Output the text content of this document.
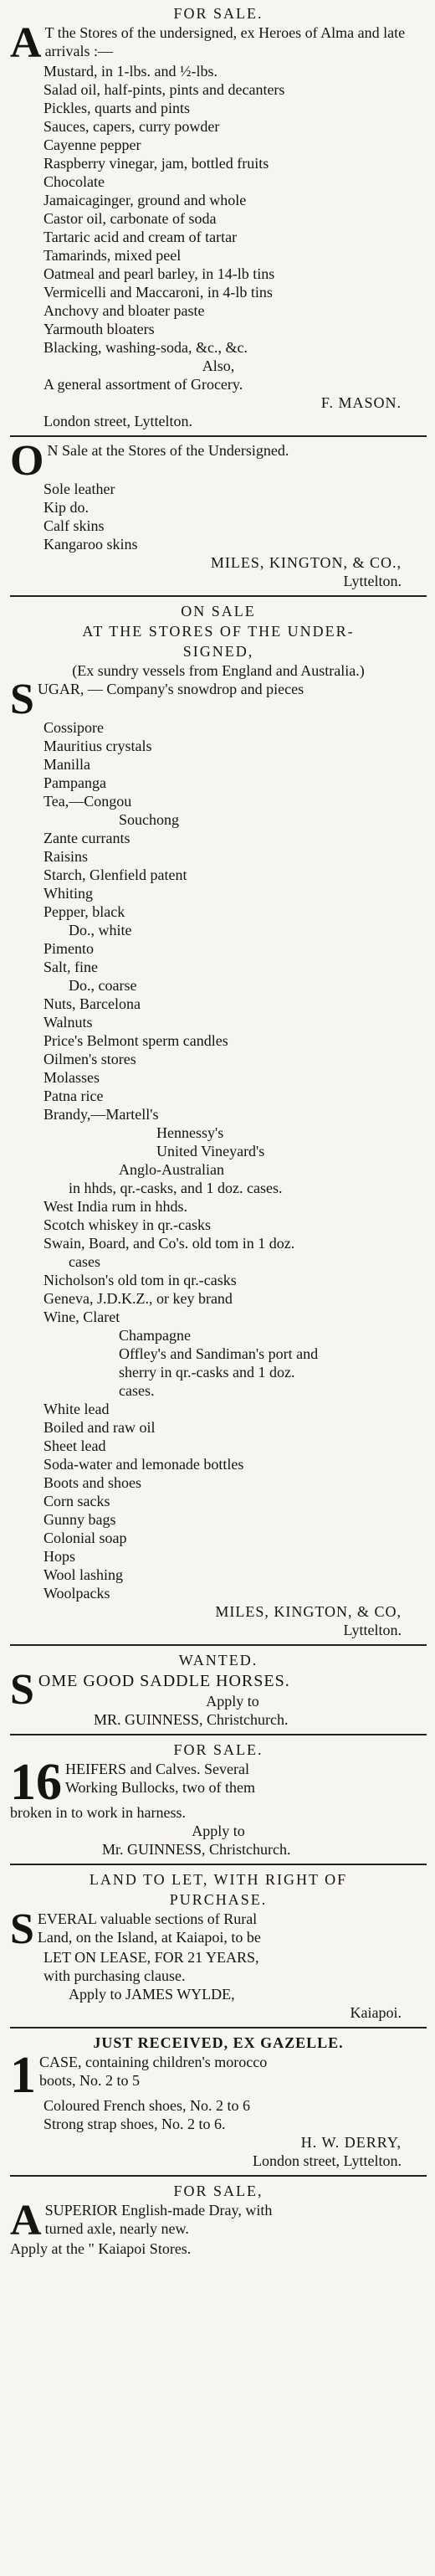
FOR SALE.
A T the Stores of the undersigned, ex Heroes of Alma and late arrivals :—
Mustard, in 1-lbs. and ½-lbs.
Salad oil, half-pints, pints and decanters
Pickles, quarts and pints
Sauces, capers, curry powder
Cayenne pepper
Raspberry vinegar, jam, bottled fruits
Chocolate
Jamaicaginger, ground and whole
Castor oil, carbonate of soda
Tartaric acid and cream of tartar
Tamarinds, mixed peel
Oatmeal and pearl barley, in 14-lb tins
Vermicelli and Maccaroni, in 4-lb tins
Anchovy and bloater paste
Yarmouth bloaters
Blacking, washing-soda, &c., &c.
Also,
A general assortment of Grocery.
F. MASON.
London street, Lyttelton.
O N Sale at the Stores of the Undersigned.
Sole leather
Kip do.
Calf skins
Kangaroo skins
MILES, KINGTON, & CO.,
Lyttelton.
ON SALE
AT THE STORES OF THE UNDER-
SIGNED,
(Ex sundry vessels from England and Australia.)
S UGAR, — Company's snowdrop and pieces
Cossipore
Mauritius crystals
Manilla
Pampanga
Tea,—Congou
Souchong
Zante currants
Raisins
Starch, Glenfield patent
Whiting
Pepper, black
Do., white
Pimento
Salt, fine
Do., coarse
Nuts, Barcelona
Walnuts
Price's Belmont sperm candles
Oilmen's stores
Molasses
Patna rice
Brandy,—Martell's
Hennessy's
United Vineyard's
Anglo-Australian
in hhds, qr.-casks, and 1 doz. cases.
West India rum in hhds.
Scotch whiskey in qr.-casks
Swain, Board, and Co's. old tom in 1 doz.
cases
Nicholson's old tom in qr.-casks
Geneva, J.D.K.Z., or key brand
Wine, Claret
Champagne
Offley's and Sandiman's port and
sherry in qr.-casks and 1 doz.
cases.
White lead
Boiled and raw oil
Sheet lead
Soda-water and lemonade bottles
Boots and shoes
Corn sacks
Gunny bags
Colonial soap
Hops
Wool lashing
Woolpacks
MILES, KINGTON, & CO,
Lyttelton.
WANTED.
S OME GOOD SADDLE HORSES.
Apply to
MR. GUINNESS, Christchurch.
FOR SALE.
16 HEIFERS and Calves. Several
Working Bullocks, two of them
broken in to work in harness.
Apply to
Mr. GUINNESS, Christchurch.
LAND TO LET, WITH RIGHT OF
PURCHASE.
S EVERAL valuable sections of Rural
Land, on the Island, at Kaiapoi, to be
LET ON LEASE, FOR 21 YEARS,
with purchasing clause.
Apply to JAMES WYLDE,
Kaiapoi.
JUST RECEIVED, EX GAZELLE.
1 CASE, containing children's morocco
boots, No. 2 to 5
Coloured French shoes, No. 2 to 6
Strong strap shoes, No. 2 to 6.
H. W. DERRY,
London street, Lyttelton.
FOR SALE,
A SUPERIOR English-made Dray, with
turned axle, nearly new.
Apply at the " Kaiapoi Stores.
